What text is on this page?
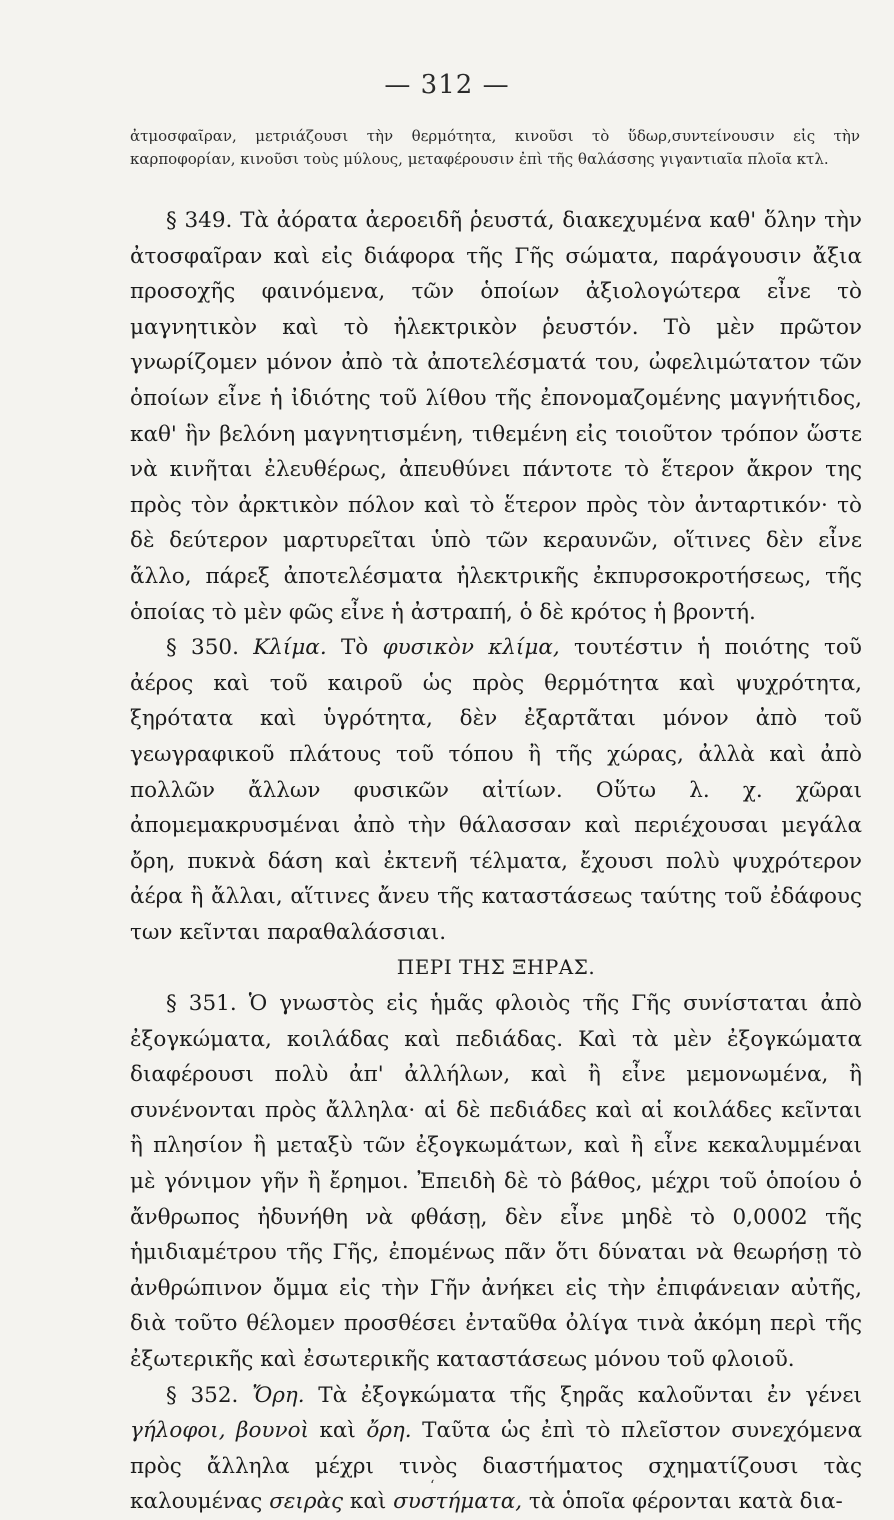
— 312 —

ἀτμοσφαῖραν, μετριάζουσι τὴν θερμότητα, κινοῦσι τὸ ὕδωρ,συντείνουσιν εἰς τὴν καρποφορίαν, κινοῦσι τοὺς μύλους, μεταφέρουσιν ἐπὶ τῆς θαλάσσης γιγαντιαῖα πλοῖα κτλ.

§ 349. Τὰ ἀόρατα ἀεροειδῆ ῥευστά, διακεχυμένα καθ' ὅλην τὴν ἀτοσφαῖραν καὶ εἰς διάφορα τῆς Γῆς σώματα, παράγουσιν ἄξια προσοχῆς φαινόμενα, τῶν ὁποίων ἀξιολογώτερα εἶνε τὸ μαγνητικὸν καὶ τὸ ἠλεκτρικὸν ῥευστόν. Τὸ μὲν πρῶτον γνωρίζομεν μόνον ἀπὸ τὰ ἀποτελέσματά του, ὠφελιμώτατον τῶν ὁποίων εἶνε ἡ ἰδιότης τοῦ λίθου τῆς ἐπονομαζομένης μαγνήτιδος, καθ' ἣν βελόνη μαγνητισμένη, τιθεμένη εἰς τοιοῦτον τρόπον ὥστε νὰ κινῆται ἐλευθέρως, ἀπευθύνει πάντοτε τὸ ἕτερον ἄκρον της πρὸς τὸν ἀρκτικὸν πόλον καὶ τὸ ἕτερον πρὸς τὸν ἀνταρτικόν· τὸ δὲ δεύτερον μαρτυρεῖται ὑπὸ τῶν κεραυνῶν, οἵτινες δὲν εἶνε ἄλλο, πάρεξ ἀποτελέσματα ἠλεκτρικῆς ἐκπυρσοκροτήσεως, τῆς ὁποίας τὸ μὲν φῶς εἶνε ἡ ἀστραπή, ὁ δὲ κρότος ἡ βροντή.

§ 350. Κλίμα. Τὸ φυσικὸν κλίμα, τουτέστιν ἡ ποιότης τοῦ ἀέρος καὶ τοῦ καιροῦ ὡς πρὸς θερμότητα καὶ ψυχρότητα, ξηρότατα καὶ ὑγρότητα, δὲν ἐξαρτᾶται μόνον ἀπὸ τοῦ γεωγραφικοῦ πλάτους τοῦ τόπου ἢ τῆς χώρας, ἀλλὰ καὶ ἀπὸ πολλῶν ἄλλων φυσικῶν αἰτίων. Οὕτω λ. χ. χῶραι ἀπομεμακρυσμέναι ἀπὸ τὴν θάλασσαν καὶ περιέχουσαι μεγάλα ὄρη, πυκνὰ δάση καὶ ἐκτενῆ τέλματα, ἔχουσι πολὺ ψυχρότερον ἀέρα ἢ ἄλλαι, αἵτινες ἄνευ τῆς καταστάσεως ταύτης τοῦ ἐδάφους των κεῖνται παραθαλάσσιαι.

ΠΕΡΙ ΤΗΣ ΞΗΡΑΣ.

§ 351. Ὁ γνωστὸς εἰς ἡμᾶς φλοιὸς τῆς Γῆς συνίσταται ἀπὸ ἐξογκώματα, κοιλάδας καὶ πεδιάδας. Καὶ τὰ μὲν ἐξογκώματα διαφέρουσι πολὺ ἀπ' ἀλλήλων, καὶ ἢ εἶνε μεμονωμένα, ἢ συνένονται πρὸς ἄλληλα· αἱ δὲ πεδιάδες καὶ αἱ κοιλάδες κεῖνται ἢ πλησίον ἢ μεταξὺ τῶν ἐξογκωμάτων, καὶ ἢ εἶνε κεκαλυμμέναι μὲ γόνιμον γῆν ἢ ἔρημοι. Ἐπειδὴ δὲ τὸ βάθος, μέχρι τοῦ ὁποίου ὁ ἄνθρωπος ἠδυνήθη νὰ φθάσῃ, δὲν εἶνε μηδὲ τὸ 0,0002 τῆς ἡμιδιαμέτρου τῆς Γῆς, ἐπομένως πᾶν ὅτι δύναται νὰ θεωρήσῃ τὸ ἀνθρώπινον ὄμμα εἰς τὴν Γῆν ἀνήκει εἰς τὴν ἐπιφάνειαν αὐτῆς, διὰ τοῦτο θέλομεν προσθέσει ἐνταῦθα ὀλίγα τινὰ ἀκόμη περὶ τῆς ἐξωτερικῆς καὶ ἐσωτερικῆς καταστάσεως μόνου τοῦ φλοιοῦ.

§ 352. Ὄρη. Τὰ ἐξογκώματα τῆς ξηρᾶς καλοῦνται ἐν γένει γήλοφοι, βουνοὶ καὶ ὄρη. Ταῦτα ὡς ἐπὶ τὸ πλεῖστον συνεχόμενα πρὸς ἄλληλα μέχρι τινὸς διαστήματος σχηματίζουσι τὰς καλουμένας σειρὰς καὶ συστήματα, τὰ ὁποῖα φέρονται κατὰ δια-

ʻ
